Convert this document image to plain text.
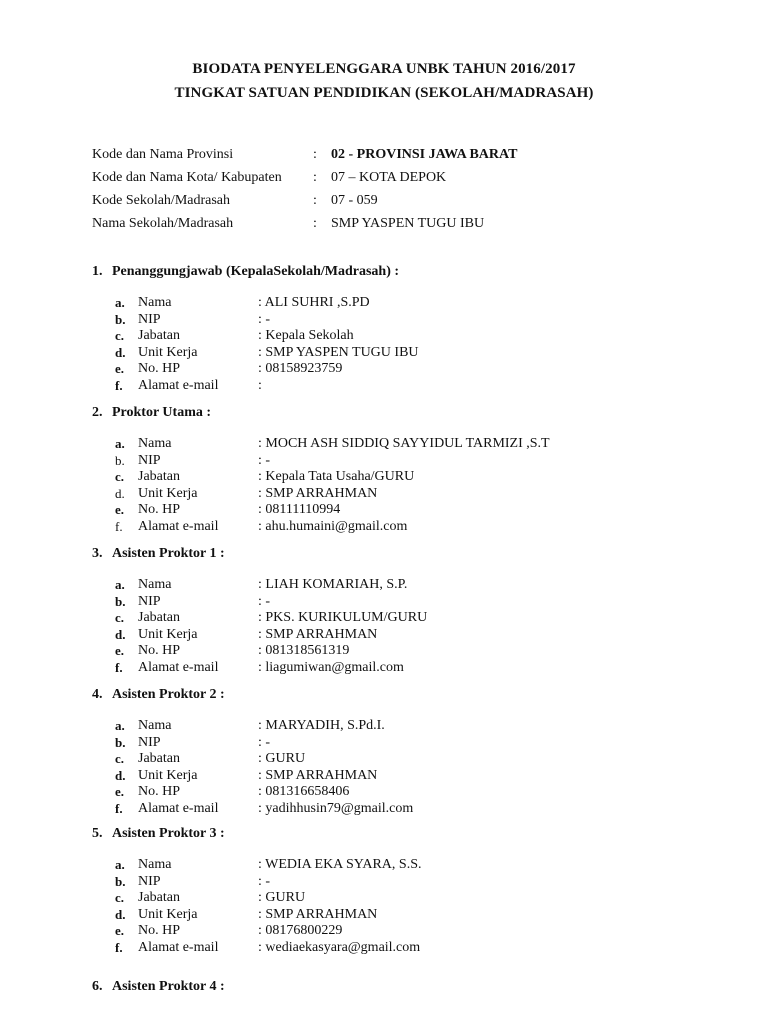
BIODATA PENYELENGGARA UNBK TAHUN 2016/2017
TINGKAT SATUAN PENDIDIKAN (SEKOLAH/MADRASAH)
Kode dan Nama Provinsi	: 02 - PROVINSI JAWA BARAT
Kode dan Nama Kota/ Kabupaten : 07 – KOTA DEPOK
Kode Sekolah/Madrasah	: 07 - 059
Nama Sekolah/Madrasah	: SMP YASPEN TUGU IBU
1. Penanggungjawab (KepalaSekolah/Madrasah) :
a. Nama	: ALI SUHRI ,S.PD
b. NIP	: -
c. Jabatan	: Kepala Sekolah
d. Unit Kerja	: SMP YASPEN TUGU IBU
e. No. HP	: 08158923759
f. Alamat e-mail	:
2. Proktor Utama :
a. Nama	: MOCH ASH SIDDIQ SAYYIDUL TARMIZI ,S.T
b. NIP	: -
c. Jabatan	: Kepala Tata Usaha/GURU
d. Unit Kerja	: SMP ARRAHMAN
e. No. HP	: 08111110994
f. Alamat e-mail	: ahu.humaini@gmail.com
3. Asisten Proktor 1 :
a. Nama	: LIAH KOMARIAH, S.P.
b. NIP	: -
c. Jabatan	: PKS. KURIKULUM/GURU
d. Unit Kerja	: SMP ARRAHMAN
e. No. HP	: 081318561319
f. Alamat e-mail	: liagumiwan@gmail.com
4. Asisten Proktor 2 :
a. Nama	: MARYADIH, S.Pd.I.
b. NIP	: -
c. Jabatan	: GURU
d. Unit Kerja	: SMP ARRAHMAN
e. No. HP	: 081316658406
f. Alamat e-mail	: yadihhusin79@gmail.com
5. Asisten Proktor 3 :
a. Nama	: WEDIA EKA SYARA, S.S.
b. NIP	: -
c. Jabatan	: GURU
d. Unit Kerja	: SMP ARRAHMAN
e. No. HP	: 08176800229
f. Alamat e-mail	: wediaekasyara@gmail.com
6. Asisten Proktor 4 :
